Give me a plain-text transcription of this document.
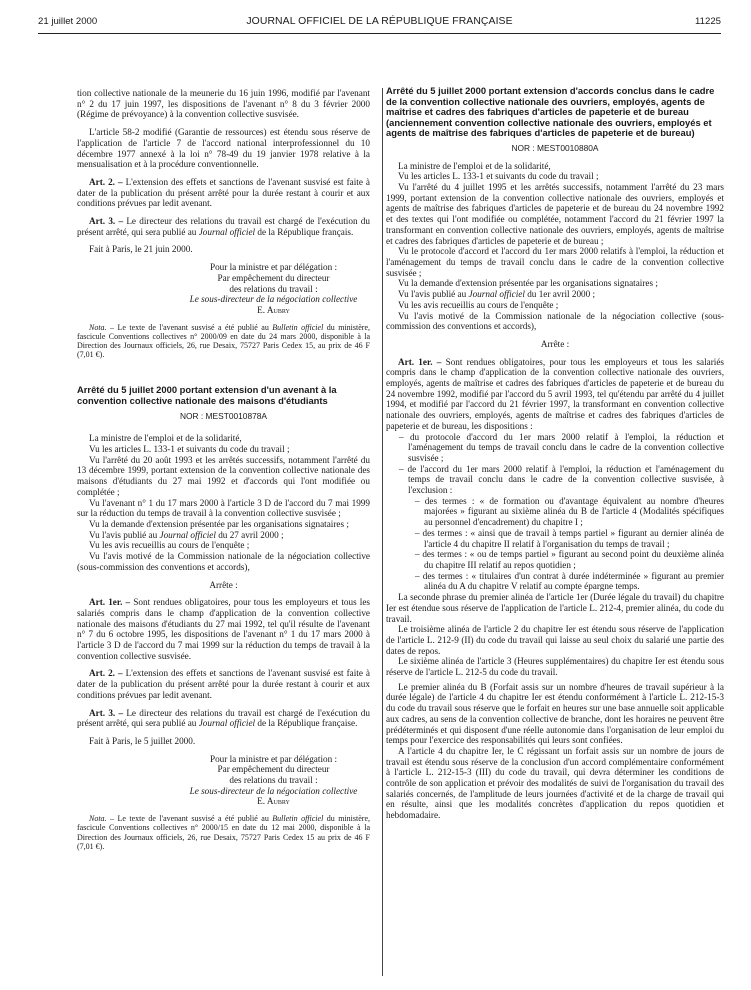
21 juillet 2000	JOURNAL OFFICIEL DE LA RÉPUBLIQUE FRANÇAISE	11225

tion collective nationale de la meunerie du 16 juin 1996, modifié par l'avenant n° 2 du 17 juin 1997, les dispositions de l'avenant n° 8 du 3 février 2000 (Régime de prévoyance) à la convention collective susvisée.

L'article 58-2 modifié (Garantie de ressources) est étendu sous réserve de l'application de l'article 7 de l'accord national interprofessionnel du 10 décembre 1977 annexé à la loi n° 78-49 du 19 janvier 1978 relative à la mensualisation et à la procédure conventionnelle.

Art. 2. – L'extension des effets et sanctions de l'avenant susvisé est faite à dater de la publication du présent arrêté pour la durée restant à courir et aux conditions prévues par ledit avenant.

Art. 3. – Le directeur des relations du travail est chargé de l'exécution du présent arrêté, qui sera publié au Journal officiel de la République français.

Fait à Paris, le 21 juin 2000.

Pour la ministre et par délégation :

Par empêchement du directeur

des relations du travail :

Le sous-directeur de la négociation collective

E. Aubry

Nota. – Le texte de l'avenant susvisé a été publié au Bulletin officiel du ministère, fascicule Conventions collectives n° 2000/09 en date du 24 mars 2000, disponible à la Direction des Journaux officiels, 26, rue Desaix, 75727 Paris Cedex 15, au prix de 46 F (7,01 €).

Arrêté du 5 juillet 2000 portant extension d'un avenant à la convention collective nationale des maisons d'étudiants

NOR : MEST0010878A

La ministre de l'emploi et de la solidarité,

Vu les articles L. 133-1 et suivants du code du travail ;

Vu l'arrêté du 20 août 1993 et les arrêtés successifs, notamment l'arrêté du 13 décembre 1999, portant extension de la convention collective nationale des maisons d'étudiants du 27 mai 1992 et d'accords qui l'ont modifiée ou complétée ;

Vu l'avenant n° 1 du 17 mars 2000 à l'article 3 D de l'accord du 7 mai 1999 sur la réduction du temps de travail à la convention collective susvisée ;

Vu la demande d'extension présentée par les organisations signataires ;

Vu l'avis publié au Journal officiel du 27 avril 2000 ;

Vu les avis recueillis au cours de l'enquête ;

Vu l'avis motivé de la Commission nationale de la négociation collective (sous-commission des conventions et accords),

Arrête :

Art. 1er. – Sont rendues obligatoires, pour tous les employeurs et tous les salariés compris dans le champ d'application de la convention collective nationale des maisons d'étudiants du 27 mai 1992, tel qu'il résulte de l'avenant n° 7 du 6 octobre 1995, les dispositions de l'avenant n° 1 du 17 mars 2000 à l'article 3 D de l'accord du 7 mai 1999 sur la réduction du temps de travail à la convention collective susvisée.

Art. 2. – L'extension des effets et sanctions de l'avenant susvisé est faite à dater de la publication du présent arrêté pour la durée restant à courir et aux conditions prévues par ledit avenant.

Art. 3. – Le directeur des relations du travail est chargé de l'exécution du présent arrêté, qui sera publié au Journal officiel de la République française.

Fait à Paris, le 5 juillet 2000.

Pour la ministre et par délégation :

Par empêchement du directeur

des relations du travail :

Le sous-directeur de la négociation collective

E. Aubry

Nota. – Le texte de l'avenant susvisé a été publié au Bulletin officiel du ministère, fascicule Conventions collectives n° 2000/15 en date du 12 mai 2000, disponible à la Direction des Journaux officiels, 26, rue Desaix, 75727 Paris Cedex 15 au prix de 46 F (7,01 €).

Arrêté du 5 juillet 2000 portant extension d'accords conclus dans le cadre de la convention collective nationale des ouvriers, employés, agents de maîtrise et cadres des fabriques d'articles de papeterie et de bureau (anciennement convention collective nationale des ouvriers, employés et agents de maîtrise des fabriques d'articles de papeterie et de bureau)

NOR : MEST0010880A

La ministre de l'emploi et de la solidarité,

Vu les articles L. 133-1 et suivants du code du travail ;

Vu l'arrêté du 4 juillet 1995 et les arrêtés successifs, notamment l'arrêté du 23 mars 1999, portant extension de la convention collective nationale des ouvriers, employés et agents de maîtrise des fabriques d'articles de papeterie et de bureau du 24 novembre 1992 et des textes qui l'ont modifiée ou complétée, notamment l'accord du 21 février 1997 la transformant en convention collective nationale des ouvriers, employés, agents de maîtrise et cadres des fabriques d'articles de papeterie et de bureau ;

Vu le protocole d'accord et l'accord du 1er mars 2000 relatifs à l'emploi, la réduction et l'aménagement du temps de travail conclu dans le cadre de la convention collective susvisée ;

Vu la demande d'extension présentée par les organisations signataires ;

Vu l'avis publié au Journal officiel du 1er avril 2000 ;

Vu les avis recueillis au cours de l'enquête ;

Vu l'avis motivé de la Commission nationale de la négociation collective (sous-commission des conventions et accords),

Arrête :

Art. 1er. – Sont rendues obligatoires, pour tous les employeurs et tous les salariés compris dans le champ d'application de la convention collective nationale des ouvriers, employés, agents de maîtrise et cadres des fabriques d'articles de papeterie et de bureau du 24 novembre 1992, modifié par l'accord du 5 avril 1993, tel qu'étendu par arrêté du 4 juillet 1994, et modifié par l'accord du 21 février 1997, la transformant en convention collective nationale des ouvriers, employés, agents de maîtrise et cadres des fabriques d'articles de papeterie et de bureau, les dispositions :

– du protocole d'accord du 1er mars 2000 relatif à l'emploi, la réduction et l'aménagement du temps de travail conclu dans le cadre de la convention collective susvisée ;

– de l'accord du 1er mars 2000 relatif à l'emploi, la réduction et l'aménagement du temps de travail conclu dans le cadre de la convention collective susvisée, à l'exclusion :

– des termes : « de formation ou d'avantage équivalent au nombre d'heures majorées » figurant au sixième alinéa du B de l'article 4 (Modalités spécifiques au personnel d'encadrement) du chapitre I ;

– des termes : « ainsi que de travail à temps partiel » figurant au dernier alinéa de l'article 4 du chapitre II relatif à l'organisation du temps de travail ;

– des termes : « ou de temps partiel » figurant au second point du deuxième alinéa du chapitre III relatif au repos quotidien ;

– des termes : « titulaires d'un contrat à durée indéterminée » figurant au premier alinéa du A du chapitre V relatif au compte épargne temps.

La seconde phrase du premier alinéa de l'article 1er (Durée légale du travail) du chapitre Ier est étendue sous réserve de l'application de l'article L. 212-4, premier alinéa, du code du travail.

Le troisième alinéa de l'article 2 du chapitre Ier est étendu sous réserve de l'application de l'article L. 212-9 (II) du code du travail qui laisse au seul choix du salarié une partie des dates de repos.

Le sixième alinéa de l'article 3 (Heures supplémentaires) du chapitre Ier est étendu sous réserve de l'article L. 212-5 du code du travail.

Le premier alinéa du B (Forfait assis sur un nombre d'heures de travail supérieur à la durée légale) de l'article 4 du chapitre Ier est étendu conformément à l'article L. 212-15-3 du code du travail sous réserve que le forfait en heures sur une base annuelle soit applicable aux cadres, au sens de la convention collective de branche, dont les horaires ne peuvent être prédéterminés et qui disposent d'une réelle autonomie dans l'organisation de leur emploi du temps pour l'exercice des responsabilités qui leurs sont confiées.

A l'article 4 du chapitre Ier, le C régissant un forfait assis sur un nombre de jours de travail est étendu sous réserve de la conclusion d'un accord complémentaire conformément à l'article L. 212-15-3 (III) du code du travail, qui devra déterminer les conditions de contrôle de son application et prévoir des modalités de suivi de l'organisation du travail des salariés concernés, de l'amplitude de leurs journées d'activité et de la charge de travail qui en résulte, ainsi que les modalités concrètes d'application du repos quotidien et hebdomadaire.
